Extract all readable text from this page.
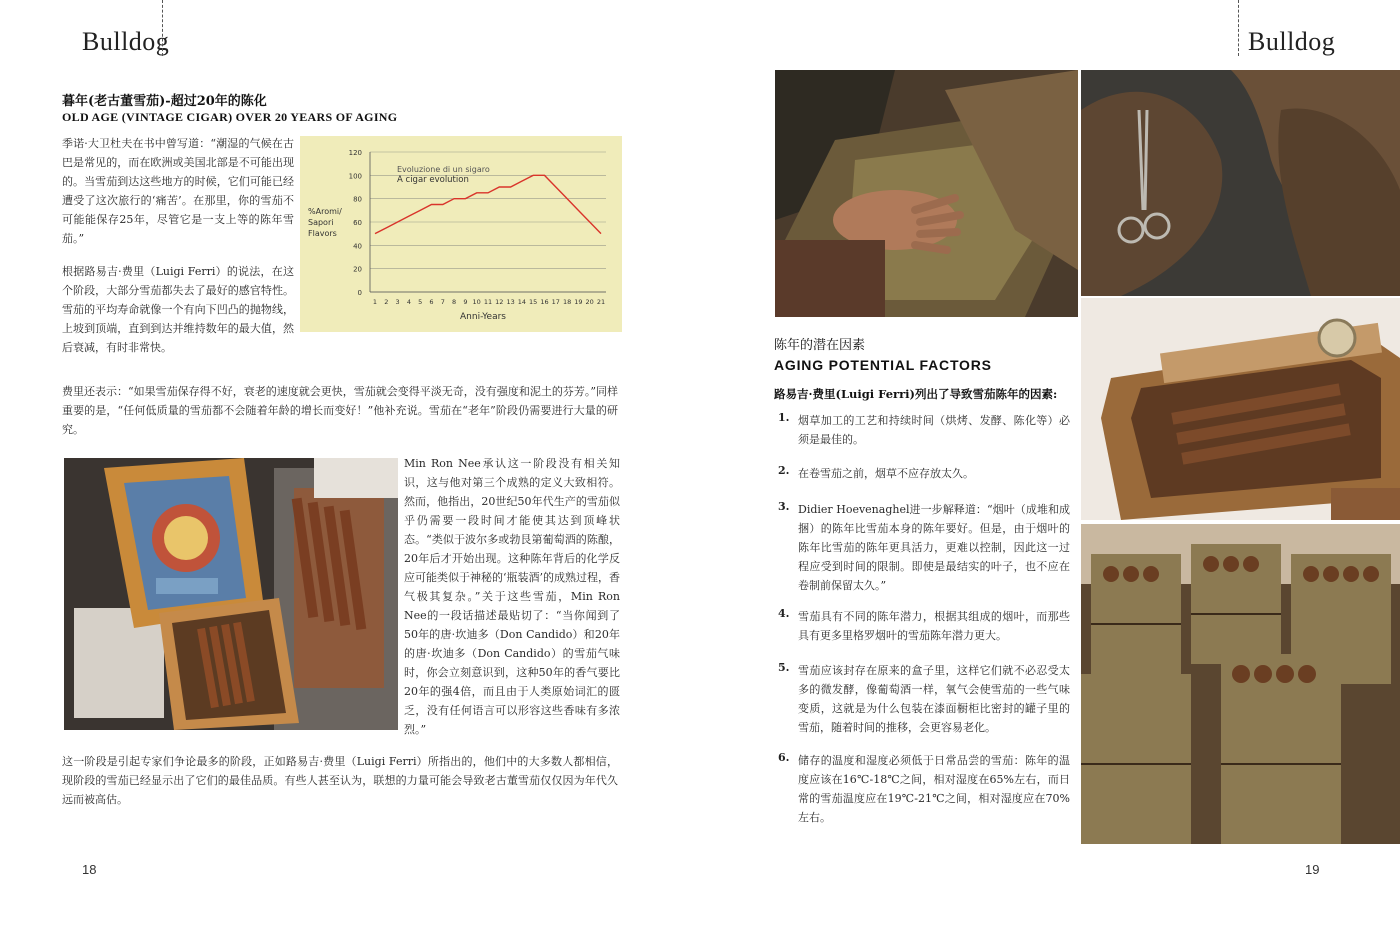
Bulldog
暮年(老古董雪茄)-超过20年的陈化
OLD AGE (VINTAGE CIGAR) OVER 20 YEARS OF AGING

季诺·大卫杜夫在书中曾写道：“潮湿的气候在古巴是常见的，而在欧洲或美国北部是不可能出现的。当雪茄到达这些地方的时候，它们可能已经遭受了这次旅行的‘痛苦’。在那里，你的雪茄不可能能保存25年，尽管它是一支上等的陈年雪茄。”

0
20
40
60
80
100
120
1 2 3 4 5 6 7 8 9 10 11 12 13 14 15 16 17 18 19 20 21
%Aromi/
Sapori
Flavors
Evoluzione di un sigaro
A cigar evolution
Anni-Years

根据路易吉·费里（Luigi Ferri）的说法，在这个阶段，大部分雪茄都失去了最好的感官特性。雪茄的平均寿命就像一个有向下凹凸的抛物线，上坡到顶端，直到到达并维持数年的最大值，然后衰减，有时非常快。

费里还表示：“如果雪茄保存得不好，衰老的速度就会更快，雪茄就会变得平淡无奇，没有强度和泥土的芬芳。”同样重要的是，“任何低质量的雪茄都不会随着年龄的增长而变好！”他补充说。雪茄在“老年”阶段仍需要进行大量的研究。

Min Ron Nee承认这一阶段没有相关知识，这与他对第三个成熟的定义大致相符。然而，他指出，20世纪50年代生产的雪茄似乎仍需要一段时间才能使其达到顶峰状态。“类似于波尔多或勃艮第葡萄酒的陈酿，20年后才开始出现。这种陈年背后的化学反应可能类似于神秘的‘瓶装酒’的成熟过程，香气极其复杂。”关于这些雪茄，Min Ron Nee的一段话描述最贴切了：“当你闻到了50年的唐·坎迪多（Don Candido）和20年的唐·坎迪多（Don Candido）的雪茄气味时，你会立刻意识到，这种50年的香气要比20年的强4倍，而且由于人类原始词汇的匮乏，没有任何语言可以形容这些香味有多浓烈。”

这一阶段是引起专家们争论最多的阶段，正如路易吉·费里（Luigi Ferri）所指出的，他们中的大多数人都相信，现阶段的雪茄已经显示出了它们的最佳品质。有些人甚至认为，联想的力量可能会导致老古董雪茄仅仅因为年代久远而被高估。

18
Bulldog
陈年的潜在因素
AGING POTENTIAL FACTORS
路易吉·费里(Luigi Ferri)列出了导致雪茄陈年的因素:
1. 烟草加工的工艺和持续时间（烘烤、发酵、陈化等）必须是最佳的。

2. 在卷雪茄之前，烟草不应存放太久。

3. Didier Hoevenaghel进一步解释道：“烟叶（成堆和成捆）的陈年比雪茄本身的陈年要好。但是，由于烟叶的陈年比雪茄的陈年更具活力，更难以控制，因此这一过程应受到时间的限制。即使是最结实的叶子，也不应在卷制前保留太久。”

4. 雪茄具有不同的陈年潜力，根据其组成的烟叶，而那些具有更多里格罗烟叶的雪茄陈年潜力更大。

5. 雪茄应该封存在原来的盒子里，这样它们就不必忍受太多的微发酵，像葡萄酒一样，氧气会使雪茄的一些气味变质，这就是为什么包装在漆面橱柜比密封的罐子里的雪茄，随着时间的推移，会更容易老化。

6. 储存的温度和湿度必须低于日常品尝的雪茄：陈年的温度应该在16℃-18℃之间，相对湿度在65%左右，而日常的雪茄温度应在19℃-21℃之间，相对湿度应在70%左右。

19
